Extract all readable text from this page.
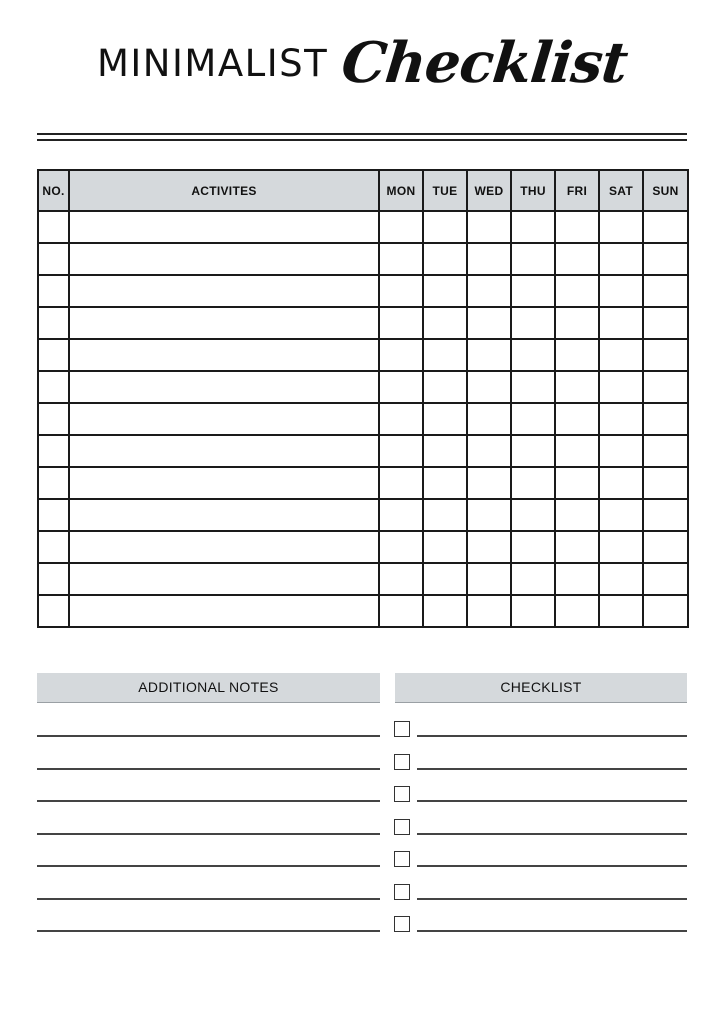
MINIMALIST Checklist
NO.	ACTIVITES	MON	TUE	WED	THU	FRI	SAT	SUN

ADDITIONAL NOTES	CHECKLIST
